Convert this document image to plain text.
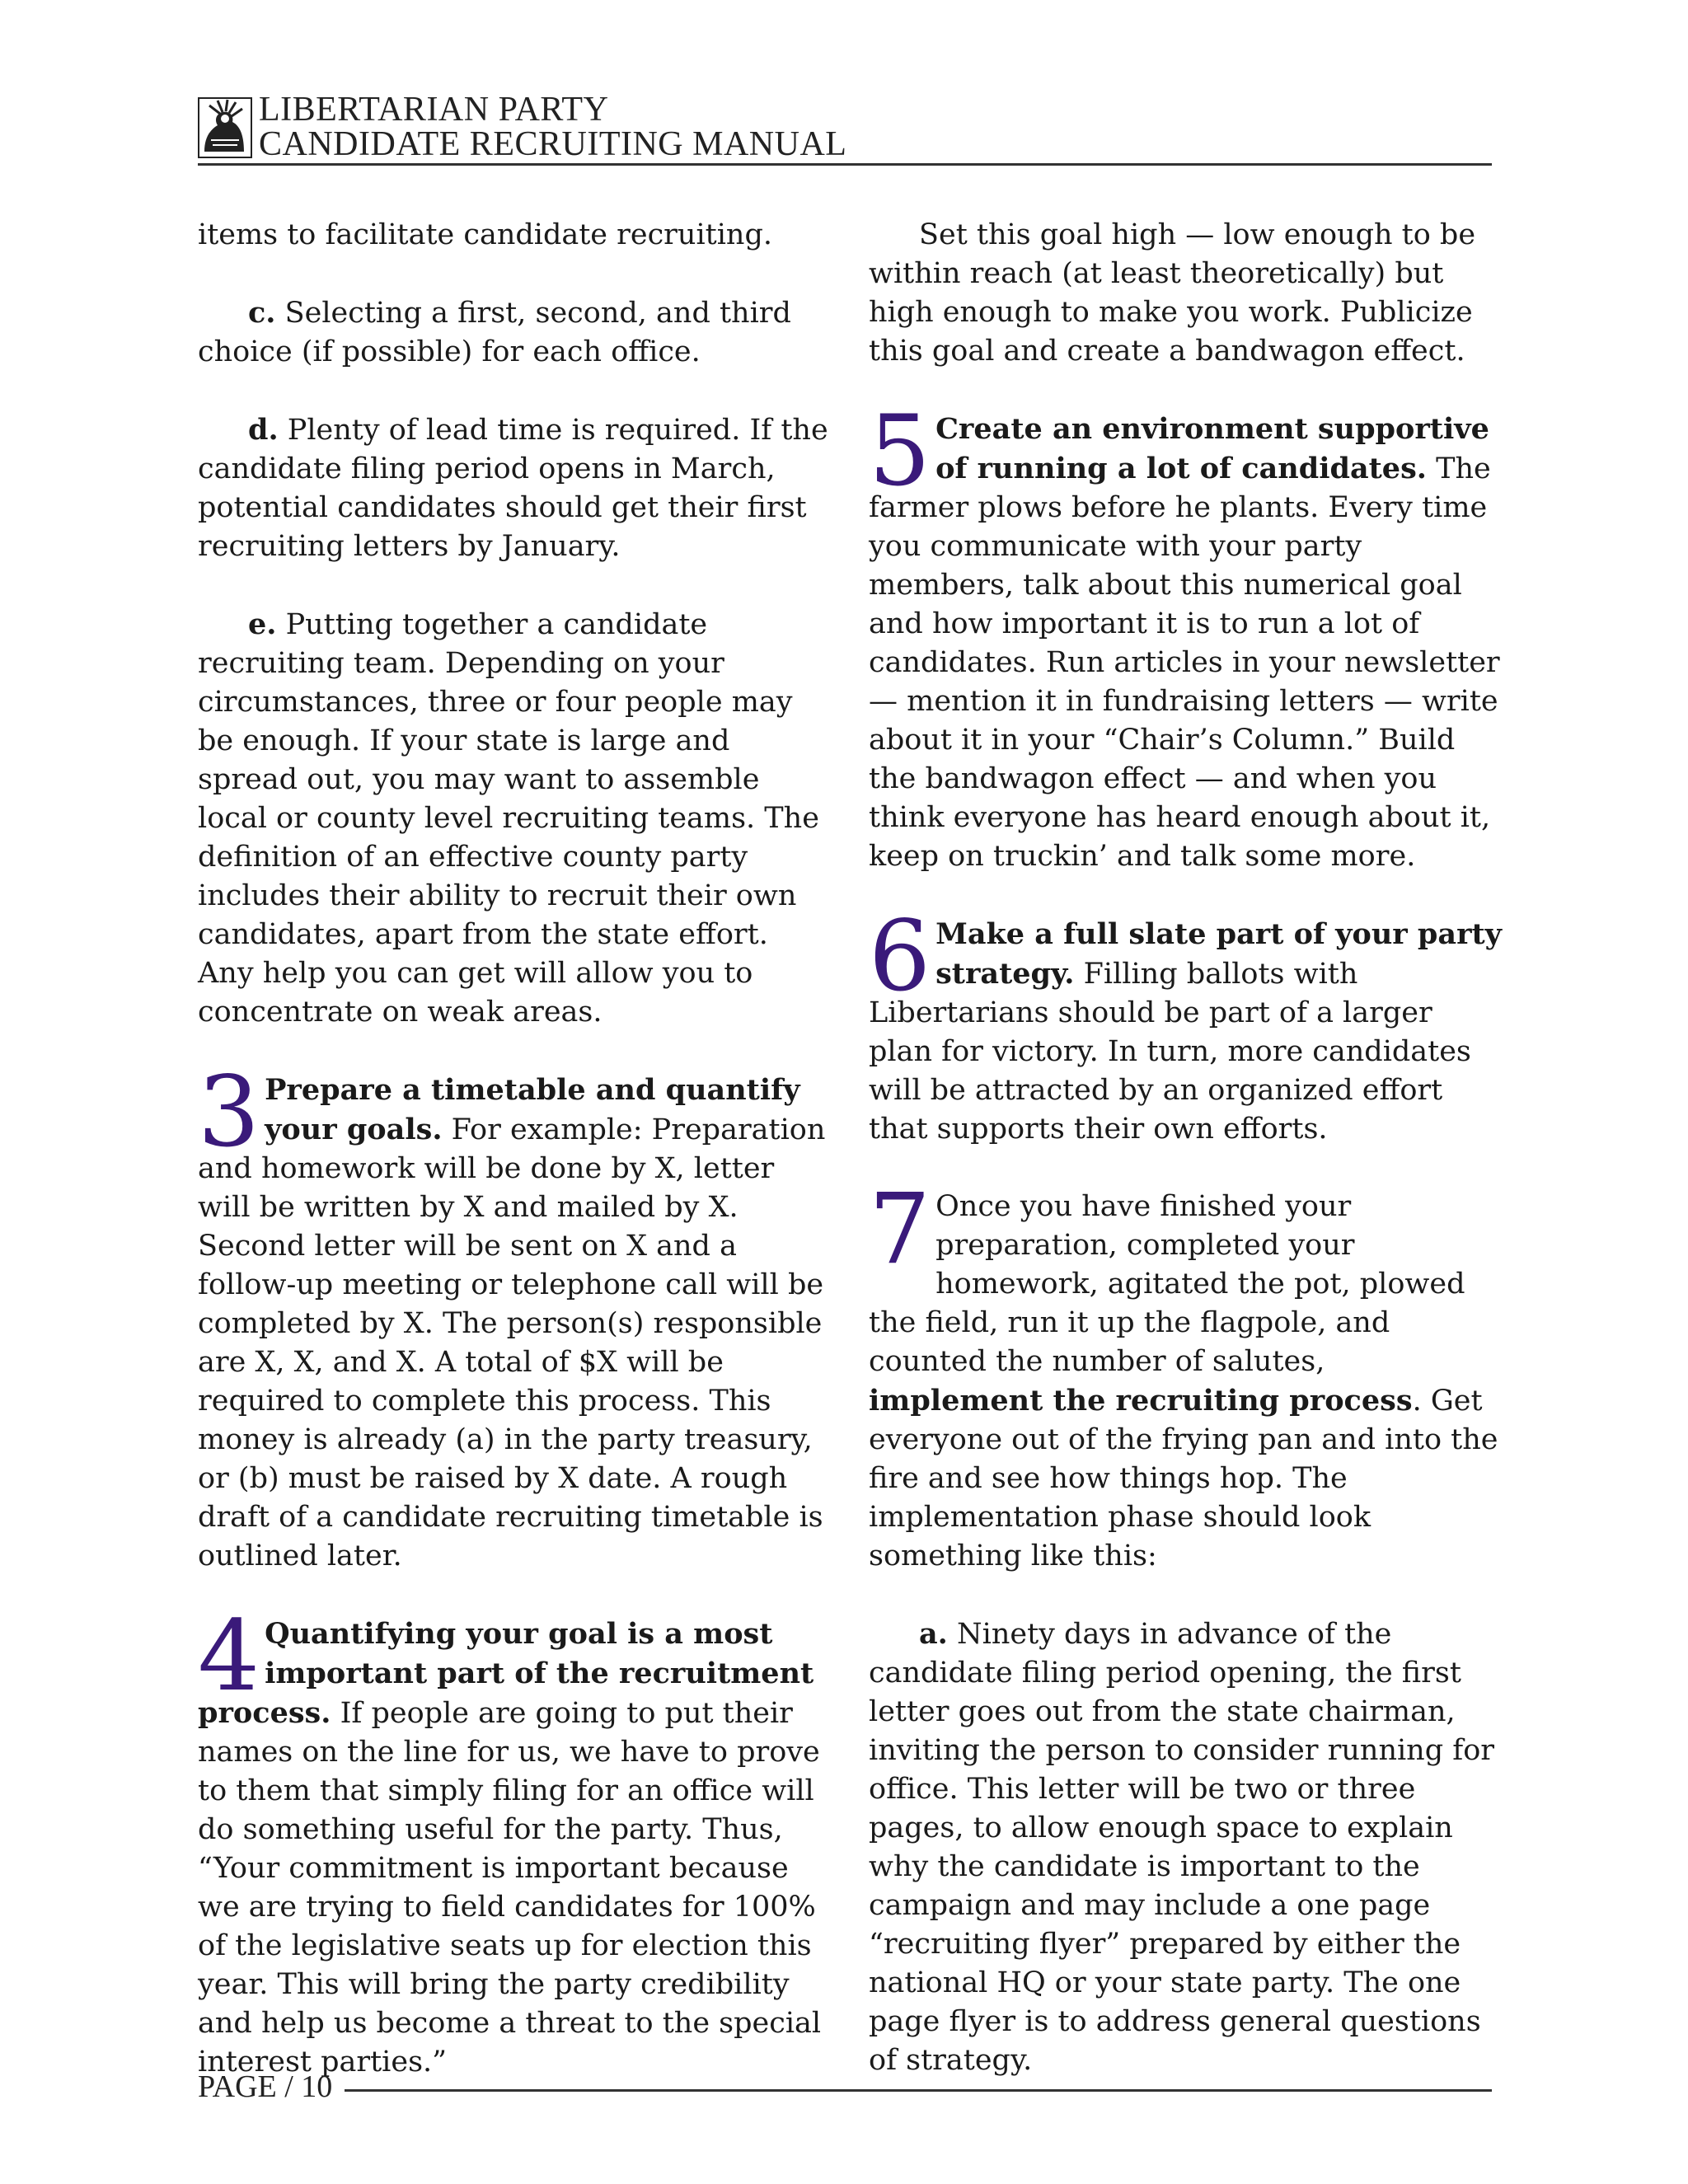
LIBERTARIAN PARTY
CANDIDATE RECRUITING MANUAL

items to facilitate candidate recruiting.

c. Selecting a first, second, and third choice (if possible) for each office.

d. Plenty of lead time is required. If the candidate filing period opens in March, potential candidates should get their first recruiting letters by January.

e. Putting together a candidate recruiting team. Depending on your circumstances, three or four people may be enough. If your state is large and spread out, you may want to assemble local or county level recruiting teams. The definition of an effective county party includes their ability to recruit their own candidates, apart from the state effort. Any help you can get will allow you to concentrate on weak areas.

3 Prepare a timetable and quantify your goals. For example: Preparation and homework will be done by X, letter will be written by X and mailed by X. Second letter will be sent on X and a follow-up meeting or telephone call will be completed by X. The person(s) responsible are X, X, and X. A total of $X will be required to complete this process. This money is already (a) in the party treasury, or (b) must be raised by X date. A rough draft of a candidate recruiting timetable is outlined later.
4 Quantifying your goal is a most important part of the recruitment process. If people are going to put their names on the line for us, we have to prove to them that simply filing for an office will do something useful for the party. Thus, “Your commitment is important because we are trying to field candidates for 100% of the legislative seats up for election this year. This will bring the party credibility and help us become a threat to the special interest parties.”

Set this goal high — low enough to be within reach (at least theoretically) but high enough to make you work. Publicize this goal and create a bandwagon effect.

5 Create an environment supportive of running a lot of candidates. The farmer plows before he plants. Every time you communicate with your party members, talk about this numerical goal and how important it is to run a lot of candidates. Run articles in your newsletter — mention it in fundraising letters — write about it in your “Chair’s Column.” Build the bandwagon effect — and when you think everyone has heard enough about it, keep on truckin’ and talk some more.
6 Make a full slate part of your party strategy. Filling ballots with Libertarians should be part of a larger plan for victory. In turn, more candidates will be attracted by an organized effort that supports their own efforts.
7 Once you have finished your preparation, completed your homework, agitated the pot, plowed the field, run it up the flagpole, and counted the number of salutes, implement the recruiting process. Get everyone out of the frying pan and into the fire and see how things hop. The implementation phase should look something like this:

a. Ninety days in advance of the candidate filing period opening, the first letter goes out from the state chairman, inviting the person to consider running for office. This letter will be two or three pages, to allow enough space to explain why the candidate is important to the campaign and may include a one page “recruiting flyer” prepared by either the national HQ or your state party. The one page flyer is to address general questions of strategy.

PAGE / 10
